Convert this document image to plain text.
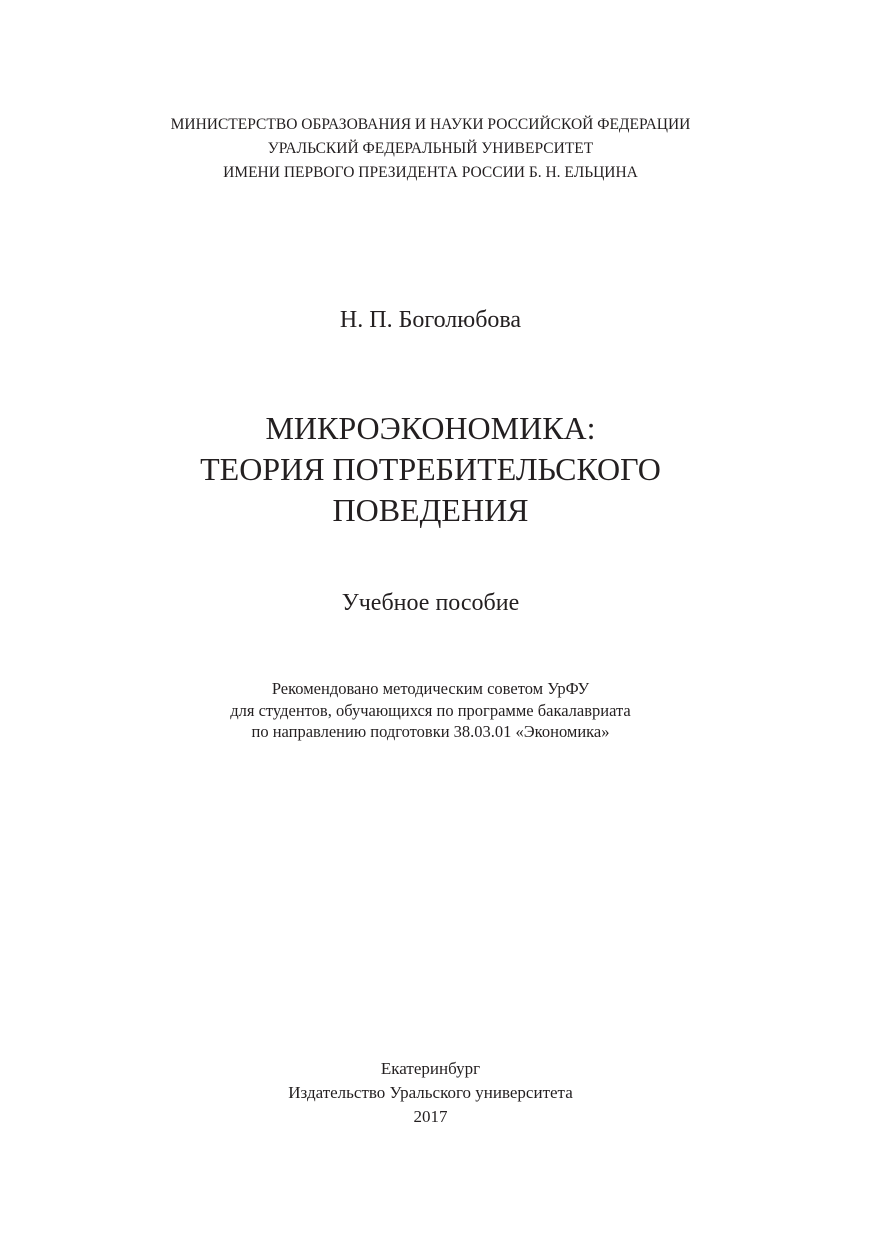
МИНИСТЕРСТВО ОБРАЗОВАНИЯ И НАУКИ РОССИЙСКОЙ ФЕДЕРАЦИИ
УРАЛЬСКИЙ ФЕДЕРАЛЬНЫЙ УНИВЕРСИТЕТ
ИМЕНИ ПЕРВОГО ПРЕЗИДЕНТА РОССИИ Б. Н. ЕЛЬЦИНА
Н. П. Боголюбова
МИКРОЭКОНОМИКА:
ТЕОРИЯ ПОТРЕБИТЕЛЬСКОГО
ПОВЕДЕНИЯ
Учебное пособие
Рекомендовано методическим советом УрФУ
для студентов, обучающихся по программе бакалавриата
по направлению подготовки 38.03.01 «Экономика»
Екатеринбург
Издательство Уральского университета
2017
